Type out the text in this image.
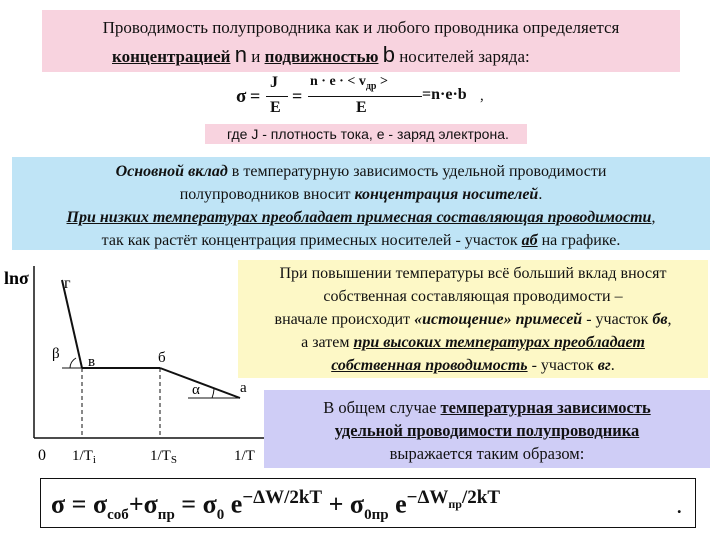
Проводимость полупроводника как и любого проводника определяется
концентрацией n и подвижностью b носителей заряда:
σ =
J
E
=
n · e · < $v_{др}$ >
E
=n·e·b ,
где J - плотность тока, е - заряд электрона.
Основной вклад в температурную зависимость удельной проводимости
полупроводников вносит концентрация носителей.
При низких температурах преобладает примесная составляющая проводимости,
так как растёт концентрация примесных носителей - участок аб на графике.
lnσ г
в	б
а
β
α
0 $1/T_i$	$1/T_S$	1/T
При повышении температуры всё больший вклад вносят
собственная составляющая проводимости –
вначале происходит «истощение» примесей - участок бв,
а затем при высоких температурах преобладает
собственная проводимость - участок вг.
В общем случае температурная зависимость
удельной проводимости полупроводника
выражается таким образом:
$\sigma = \sigma_{соб}+\sigma_{пр} = \sigma_0$ $e^{-\Delta W/2kT} + \sigma_{0пр}$ $e^{-\Delta W_{пр}/2kT}$	.
